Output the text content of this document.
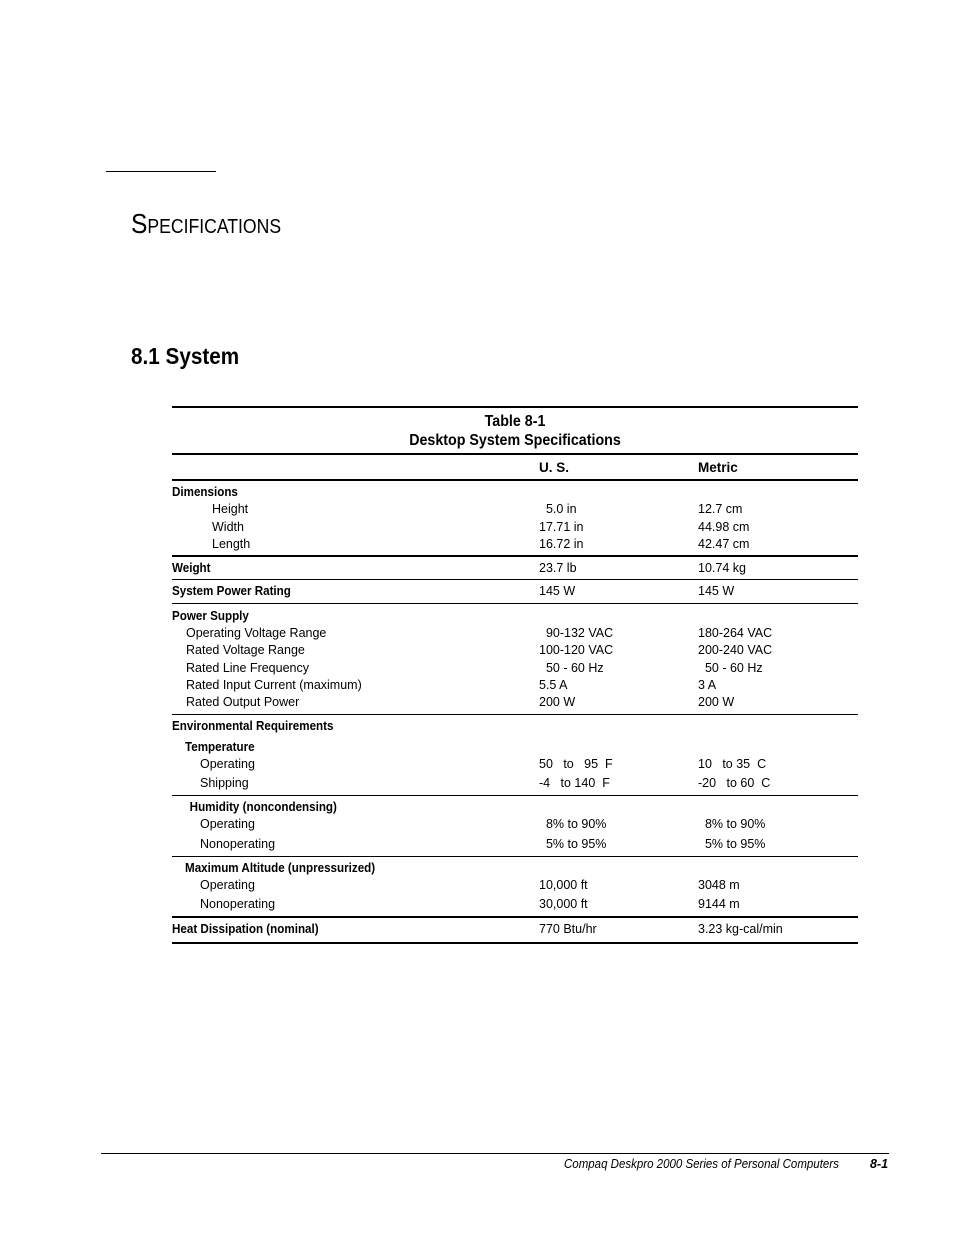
Specifications
8.1 System
Table 8-1
Desktop System Specifications
U. S.	Metric
Dimensions
Height	5.0 in	12.7 cm
Width	17.71 in	44.98 cm
Length	16.72 in	42.47 cm
Weight	23.7 lb	10.74 kg
System Power Rating	145 W	145 W
Power Supply
Operating Voltage Range	90-132 VAC	180-264 VAC
Rated Voltage Range	100-120 VAC	200-240 VAC
Rated Line Frequency	50 - 60 Hz	50 - 60 Hz
Rated Input Current (maximum)	5.5 A	3 A
Rated Output Power	200 W	200 W
Environmental Requirements
Temperature
Operating	50   to   95  F	10   to 35  C
Shipping	-4   to 140  F	-20   to 60  C
Humidity (noncondensing)
Operating	8% to 90%	8% to 90%
Nonoperating	5% to 95%	5% to 95%
Maximum Altitude (unpressurized)
Operating	10,000 ft	3048 m
Nonoperating	30,000 ft	9144 m
Heat Dissipation (nominal)	770 Btu/hr	3.23 kg-cal/min
Compaq Deskpro 2000 Series of Personal Computers 8-1
